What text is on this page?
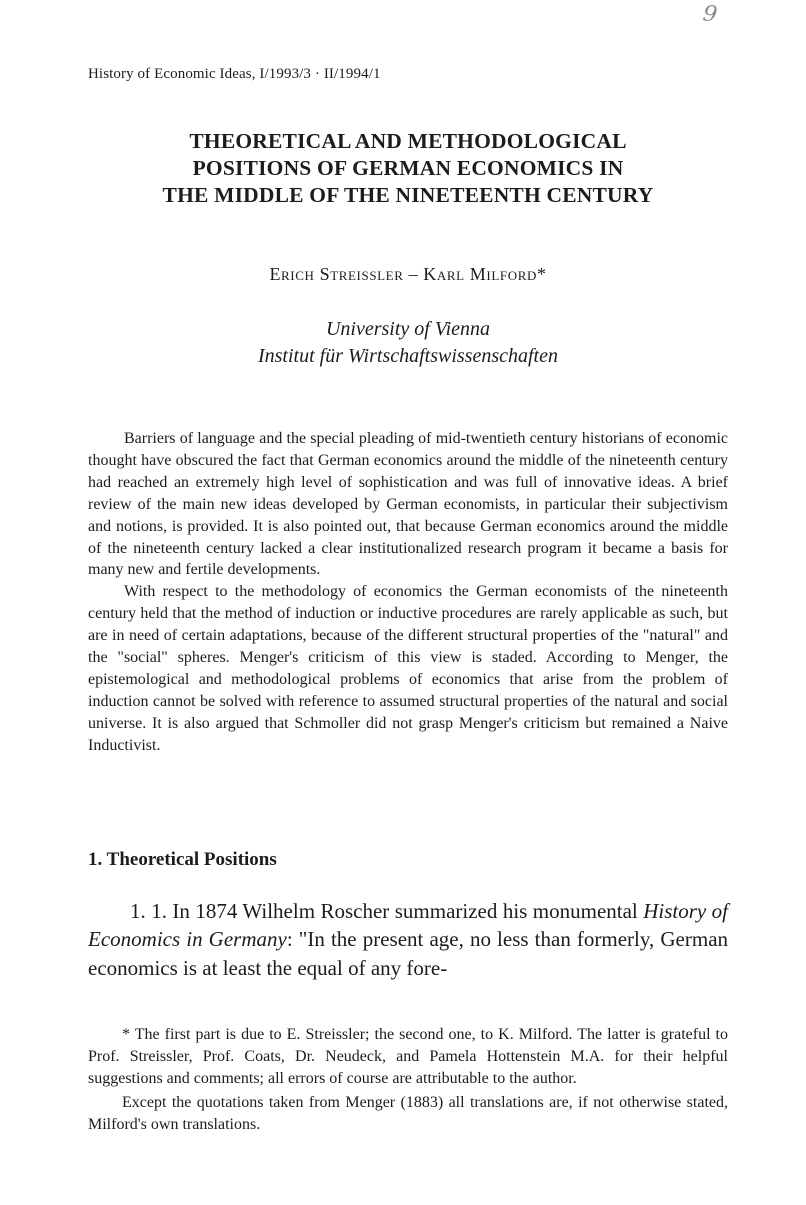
9
History of Economic Ideas, I/1993/3 · II/1994/1
THEORETICAL AND METHODOLOGICAL
POSITIONS OF GERMAN ECONOMICS IN
THE MIDDLE OF THE NINETEENTH CENTURY
Erich Streissler – Karl Milford*
University of Vienna
Institut für Wirtschaftswissenschaften

Barriers of language and the special pleading of mid-twentieth century historians of economic thought have obscured the fact that German economics around the middle of the nineteenth century had reached an extremely high level of sophistication and was full of innovative ideas. A brief review of the main new ideas developed by German economists, in particular their subjectivism and notions, is provided. It is also pointed out, that because German economics around the middle of the nineteenth century lacked a clear institutionalized research program it became a basis for many new and fertile developments.

With respect to the methodology of economics the German economists of the nineteenth century held that the method of induction or inductive procedures are rarely applicable as such, but are in need of certain adaptations, because of the different structural properties of the "natural" and the "social" spheres. Menger's criticism of this view is staded. According to Menger, the epistemological and methodological problems of economics that arise from the problem of induction cannot be solved with reference to assumed structural properties of the natural and social universe. It is also argued that Schmoller did not grasp Menger's criticism but remained a Naive Inductivist.

1. Theoretical Positions

1. 1. In 1874 Wilhelm Roscher summarized his monumental History of Economics in Germany: "In the present age, no less than formerly, German economics is at least the equal of any fore-

* The first part is due to E. Streissler; the second one, to K. Milford. The latter is grateful to Prof. Streissler, Prof. Coats, Dr. Neudeck, and Pamela Hottenstein M.A. for their helpful suggestions and comments; all errors of course are attributable to the author.

Except the quotations taken from Menger (1883) all translations are, if not otherwise stated, Milford's own translations.
